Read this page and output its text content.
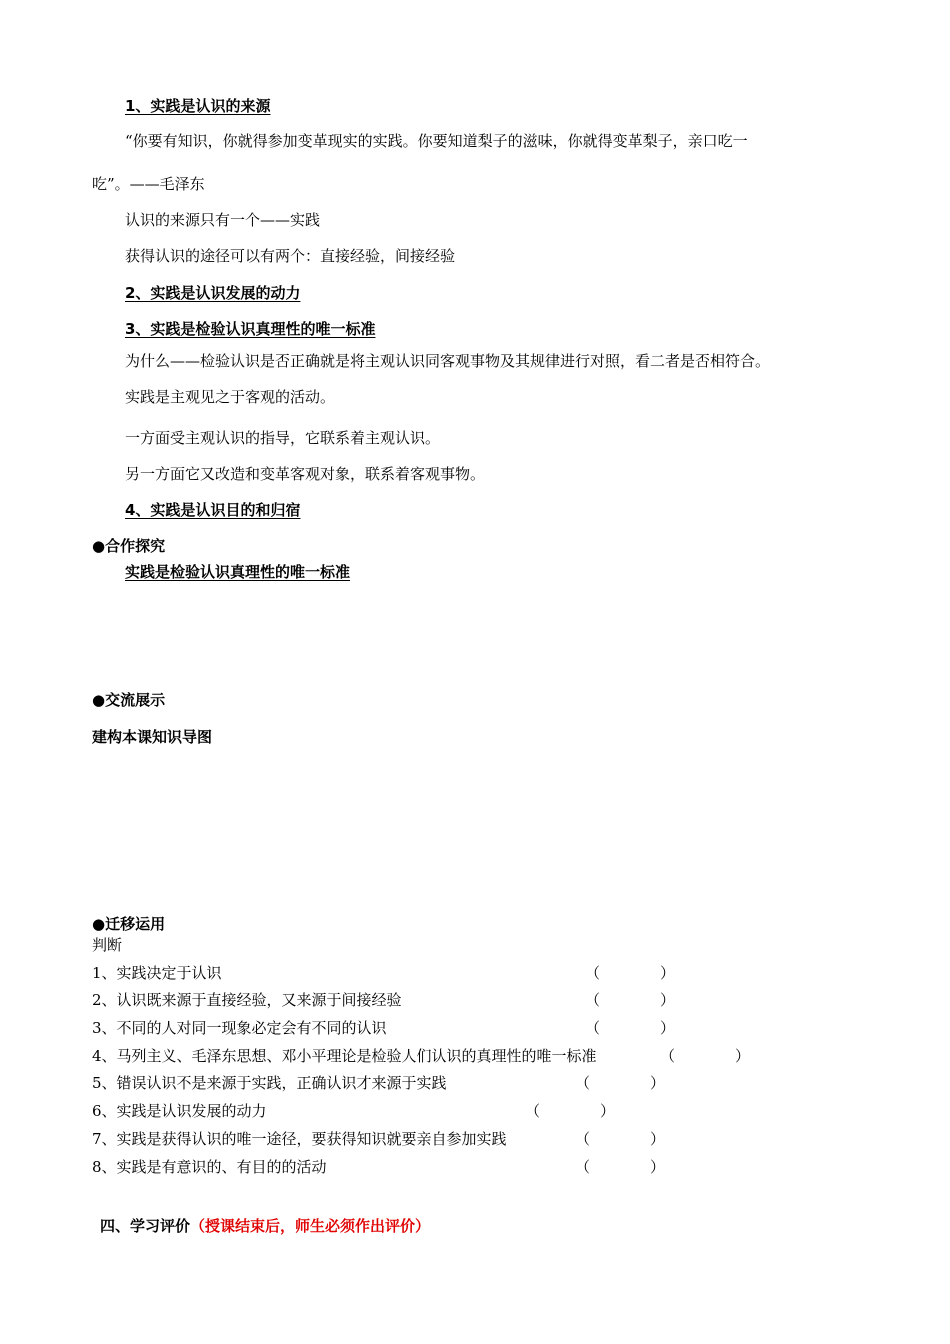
1、实践是认识的来源
“你要有知识，你就得参加变革现实的实践。你要知道梨子的滋味，你就得变革梨子，亲口吃一
吃”。——毛泽东
认识的来源只有一个——实践
获得认识的途径可以有两个：直接经验，间接经验
2、实践是认识发展的动力
3、实践是检验认识真理性的唯一标准
为什么——检验认识是否正确就是将主观认识同客观事物及其规律进行对照，看二者是否相符合。
实践是主观见之于客观的活动。
一方面受主观认识的指导，它联系着主观认识。
另一方面它又改造和变革客观对象，联系着客观事物。
4、实践是认识目的和归宿
●合作探究
实践是检验认识真理性的唯一标准
●交流展示
建构本课知识导图
●迁移运用
判断
1、实践决定于认识	（	）
2、认识既来源于直接经验，又来源于间接经验	（	）
3、不同的人对同一现象必定会有不同的认识	（	）
4、马列主义、毛泽东思想、邓小平理论是检验人们认识的真理性的唯一标准	（	）
5、错误认识不是来源于实践，正确认识才来源于实践	（	）
6、实践是认识发展的动力	（	）
7、实践是获得认识的唯一途径，要获得知识就要亲自参加实践	（	）
8、实践是有意识的、有目的的活动	（	）
四、学习评价（授课结束后，师生必须作出评价）
